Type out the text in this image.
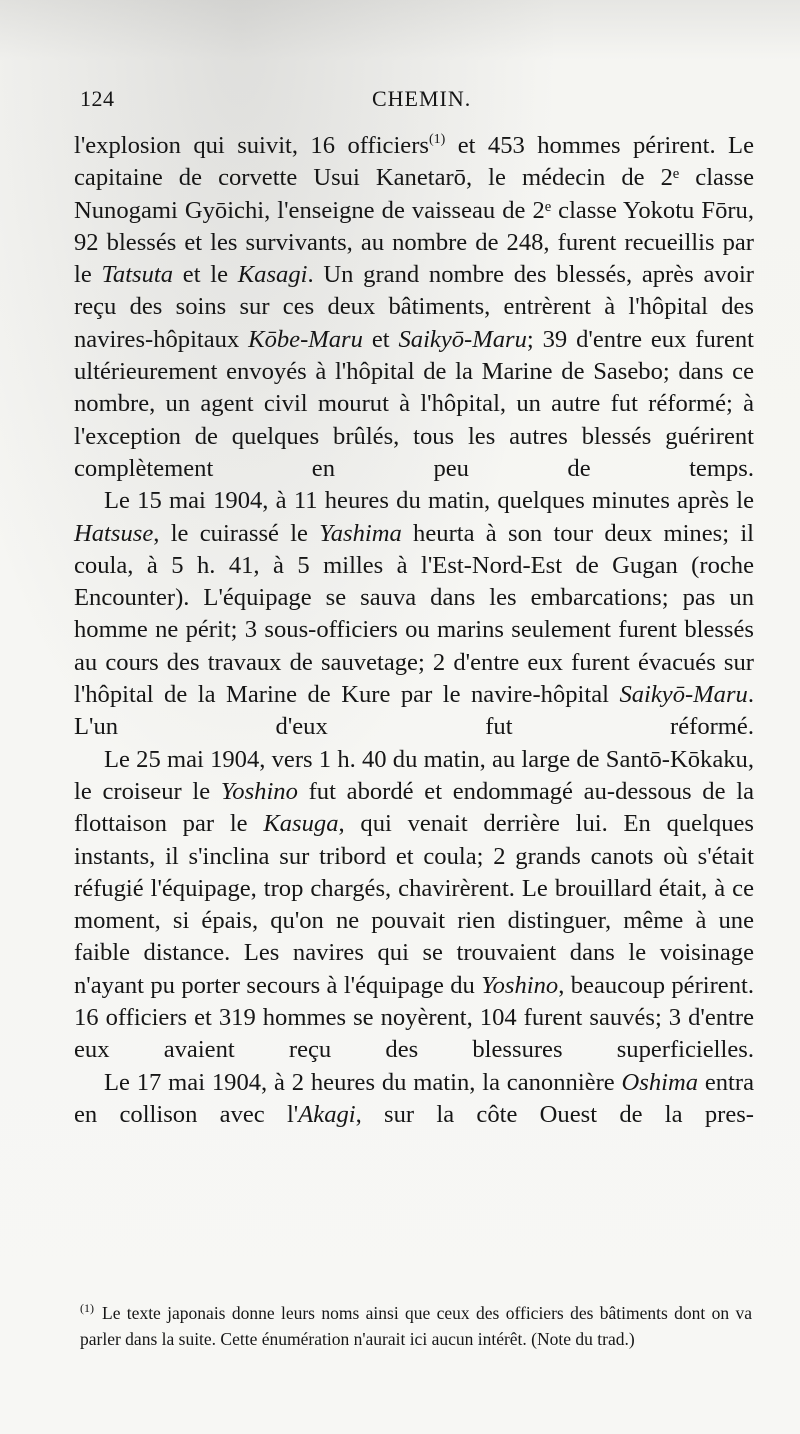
124	CHEMIN.

l'explosion qui suivit, 16 officiers$^{(1)}$ et 453 hommes périrent. Le capitaine de corvette Usui Kanetarō, le médecin de 2ᵉ classe Nunogami Gyōichi, l'enseigne de vaisseau de 2ᵉ classe Yokotu Fōru, 92 blessés et les survivants, au nombre de 248, furent recueillis par le Tatsuta et le Kasagi. Un grand nombre des blessés, après avoir reçu des soins sur ces deux bâtiments, entrèrent à l'hôpital des navires-hôpitaux Kōbe-Maru et Saikyō-Maru; 39 d'entre eux furent ultérieurement envoyés à l'hôpital de la Marine de Sasebo; dans ce nombre, un agent civil mourut à l'hôpital, un autre fut réformé; à l'exception de quelques brûlés, tous les autres blessés guérirent complètement en peu de temps.

Le 15 mai 1904, à 11 heures du matin, quelques minutes après le Hatsuse, le cuirassé le Yashima heurta à son tour deux mines; il coula, à 5 h. 41, à 5 milles à l'Est-Nord-Est de Gugan (roche Encounter). L'équipage se sauva dans les embarcations; pas un homme ne périt; 3 sous-officiers ou marins seulement furent blessés au cours des travaux de sauvetage; 2 d'entre eux furent évacués sur l'hôpital de la Marine de Kure par le navire-hôpital Saikyō-Maru. L'un d'eux fut réformé.

Le 25 mai 1904, vers 1 h. 40 du matin, au large de Santō-Kōkaku, le croiseur le Yoshino fut abordé et endommagé au-dessous de la flottaison par le Kasuga, qui venait derrière lui. En quelques instants, il s'inclina sur tribord et coula; 2 grands canots où s'était réfugié l'équipage, trop chargés, chavirèrent. Le brouillard était, à ce moment, si épais, qu'on ne pouvait rien distinguer, même à une faible distance. Les navires qui se trouvaient dans le voisinage n'ayant pu porter secours à l'équipage du Yoshino, beaucoup périrent. 16 officiers et 319 hommes se noyèrent, 104 furent sauvés; 3 d'entre eux avaient reçu des blessures superficielles.

Le 17 mai 1904, à 2 heures du matin, la canonnière Oshima entra en collison avec l'Akagi, sur la côte Ouest de la pres-

$^{(1)}$ Le texte japonais donne leurs noms ainsi que ceux des officiers des bâtiments dont on va parler dans la suite. Cette énumération n'aurait ici aucun intérêt. (Note du trad.)
